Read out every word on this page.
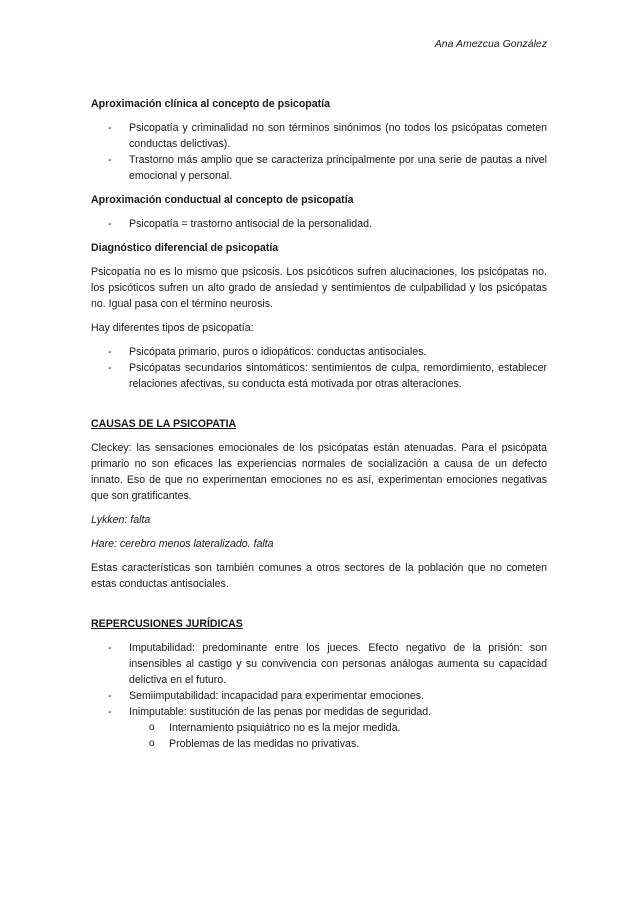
Ana Amezcua González
Aproximación clínica al concepto de psicopatía
- Psicopatía y criminalidad no son términos sinónimos (no todos los psicópatas cometen conductas delictivas).
- Trastorno más amplio que se caracteriza principalmente por una serie de pautas a nivel emocional y personal.
Aproximación conductual al concepto de psicopatía
- Psicopatía = trastorno antisocial de la personalidad.
Diagnóstico diferencial de psicopatía

Psicopatía no es lo mismo que psicosis. Los psicóticos sufren alucinaciones, los psicópatas no. los psicóticos sufren un alto grado de ansiedad y sentimientos de culpabilidad y los psicópatas no. Igual pasa con el término neurosis.

Hay diferentes tipos de psicopatía:

- Psicópata primario, puros o idiopáticos: conductas antisociales.
- Psicópatas secundarios sintomáticos: sentimientos de culpa, remordimiento, establecer relaciones afectivas, su conducta está motivada por otras alteraciones.
CAUSAS DE LA PSICOPATIA

Cleckey: las sensaciones emocionales de los psicópatas están atenuadas. Para el psicópata primario no son eficaces las experiencias normales de socialización a causa de un defecto innato. Eso de que no experimentan emociones no es así, experimentan emociones negativas que son gratificantes.

Lykken: falta

Hare: cerebro menos lateralizado. falta

Estas características son también comunes a otros sectores de la población que no cometen estas conductas antisociales.

REPERCUSIONES JURÍDICAS
- Imputabilidad: predominante entre los jueces. Efecto negativo de la prisión: son insensibles al castigo y su convivencia con personas análogas aumenta su capacidad delictiva en el futuro.
- Semiimputabilidad: incapacidad para experimentar emociones.
- Inimputable: sustitución de las penas por medidas de seguridad.
o Internamiento psiquiátrico no es la mejor medida.
o Problemas de las medidas no privativas.
